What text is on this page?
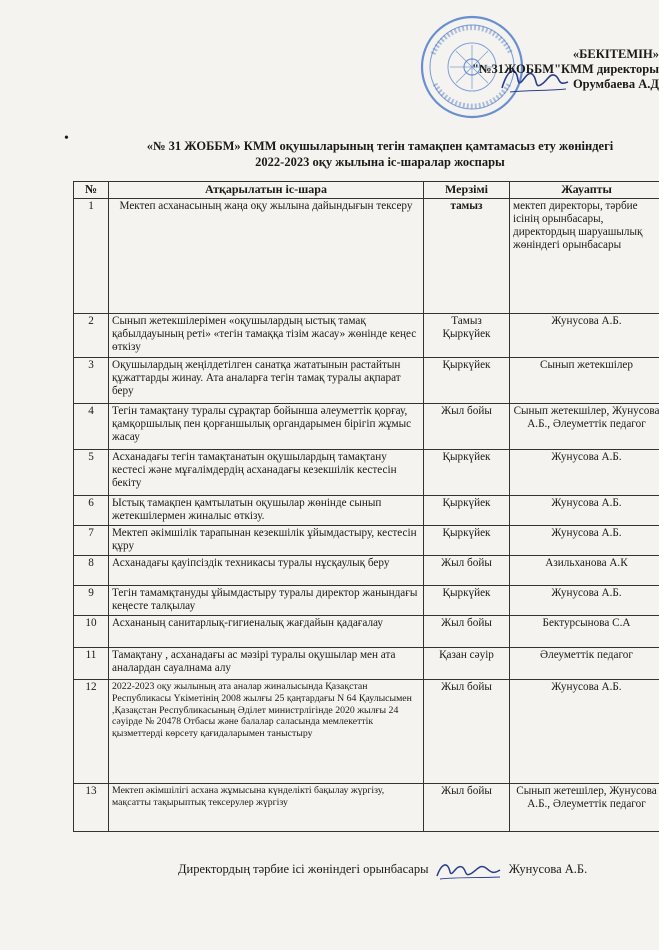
«БЕКІТЕМІН»
"№31ЖОББМ"КММ директоры
Орумбаева А.Д
•	«№ 31 ЖОББМ» КММ оқушыларының тегін тамақпен қамтамасыз ету жөніндегі
2022-2023 оқу жылына іс-шаралар жоспары
№	Атқарылатын іс-шара	Мерзімі	Жауапты
1	Мектеп асханасының жаңа оқу жылына дайындығын тексеру	тамыз	мектеп директоры, тәрбие ісінің орынбасары, директордың шаруашылық жөніндегі орынбасары
2	Сынып жетекшілерімен «оқушылардың ыстық тамақ қабылдауының реті» «тегін тамаққа тізім жасау» жөнінде кеңес өткізу	Тамыз Қыркүйек	Жунусова А.Б.
3	Оқушылардың жеңілдетілген санатқа жататынын растайтын құжаттарды жинау. Ата аналарға тегін тамақ туралы ақпарат беру	Қыркүйек	Сынып жетекшілер
4	Тегін тамақтану туралы сұрақтар бойынша әлеуметтік қорғау, қамқоршылық пен қорғаншылық органдарымен бірігіп жұмыс жасау	Жыл бойы	Сынып жетекшілер, Жунусова А.Б., Әлеуметтік педагог
5	Асханадағы тегін тамақтанатын оқушылардың тамақтану кестесі және мұғалімдердің асханадағы кезекшілік кестесін бекіту	Қыркүйек	Жунусова А.Б.
6	Ыстық тамақпен қамтылатын оқушылар жөнінде сынып жетекшілермен жиналыс өткізу.	Қыркүйек	Жунусова А.Б.
7	Мектеп әкімшілік тарапынан кезекшілік ұйымдастыру, кестесін құру	Қыркүйек	Жунусова А.Б.
8	Асханадағы қауіпсіздік техникасы туралы нұсқаулық беру	Жыл бойы	Азильханова А.К
9	Тегін тамамқтануды ұйымдастыру туралы директор жанындағы кеңесте талқылау	Қыркүйек	Жунусова А.Б.
10	Асхананың санитарлық-гигиеналық жағдайын қадағалау	Жыл бойы	Бектурсынова С.А
11	Тамақтану , асханадағы ас мәзірі туралы оқушылар мен ата аналардан сауалнама алу	Қазан сәуір	Әлеуметтік педагог
12	2022-2023 оқу жылының ата аналар жиналысында Қазақстан Республикасы Үкіметінің 2008 жылғы 25 қаңтардағы N 64 Қаулысымен ,Қазақстан Республикасының Әділет министрлігінде 2020 жылғы 24 сәуірде № 20478 Отбасы және балалар саласында мемлекеттік қызметтерді көрсету қағидаларымен таныстыру	Жыл бойы	Жунусова А.Б.
13	Мектеп әкімшілігі асхана жұмысына күнделікті бақылау жүргізу, мақсатты тақырыптық тексерулер жүргізу	Жыл бойы	Сынып жетешілер, Жунусова А.Б., Әлеуметтік педагог
Директордың тәрбие ісі жөніндегі орынбасары	Жунусова А.Б.
